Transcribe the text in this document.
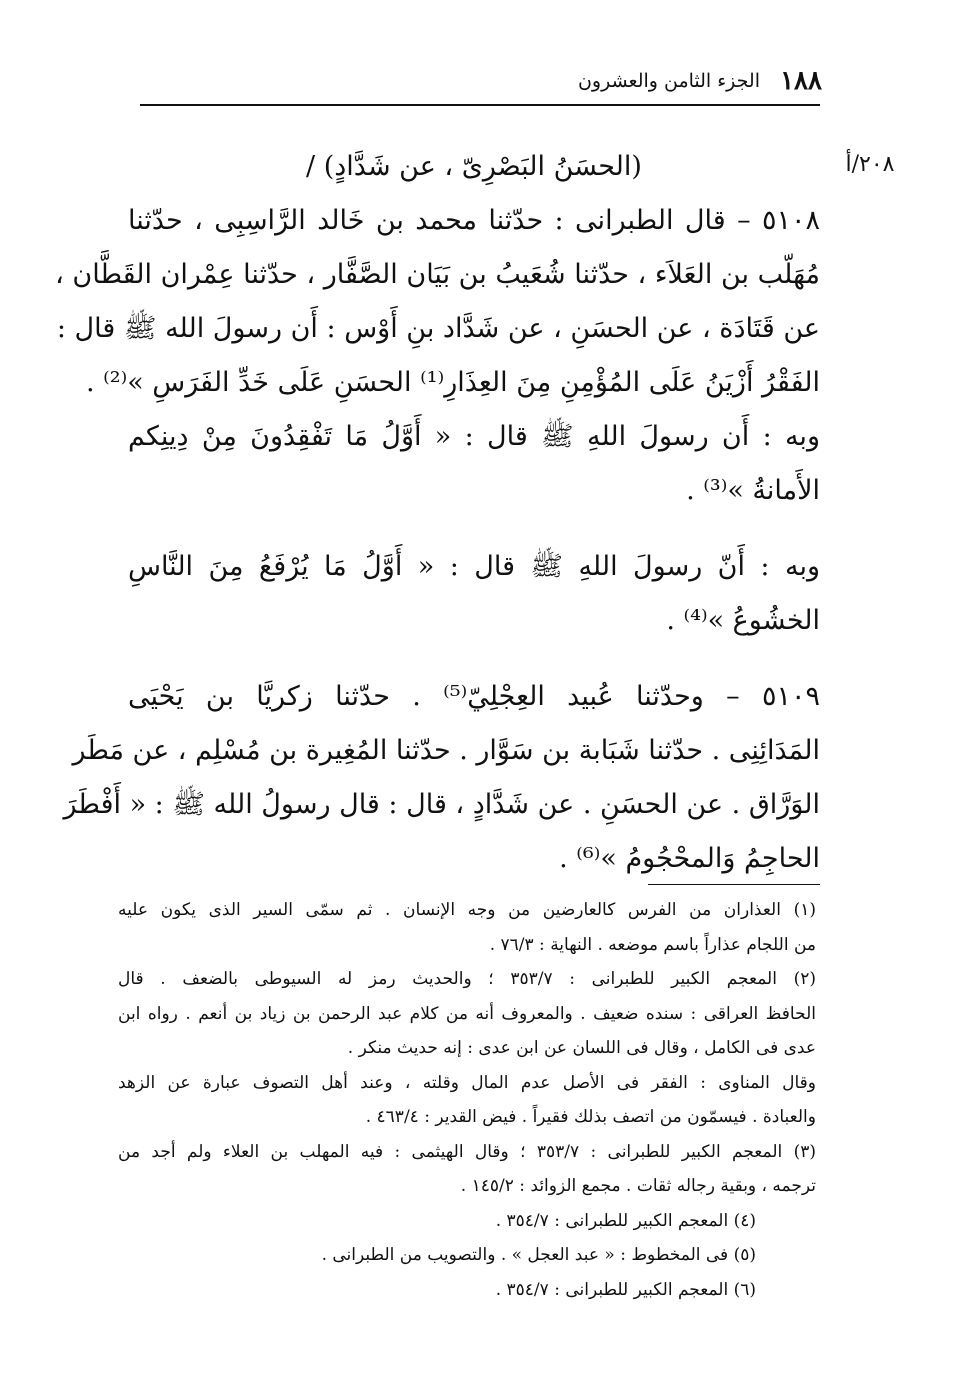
١٨٨
الجزء الثامن والعشرون
٢٠٨/أ
(الحسَنُ البَصْرِىّ ، عن شَدَّادٍ) /
٥١٠٨ – قال الطبرانى : حدّثنا محمد بن خَالد الرَّاسِبِى ، حدّثنا
مُهَلّب بن العَلاَء ، حدّثنا شُعَيبُ بن بَيَان الصَّفَّار ، حدّثنا عِمْران القَطَّان ،
عن قَتَادَة ، عن الحسَنِ ، عن شَدَّاد بنِ أَوْس : أَن رسولَ الله ﷺ قال :
الفَقْرُ أَزْيَنُ عَلَى المُؤْمِنِ مِنَ العِذَارِ⁽¹⁾ الحسَنِ عَلَى خَدِّ الفَرَسِ »⁽²⁾ .
وبه : أَن رسولَ اللهِ ﷺ قال : « أَوَّلُ مَا تَفْقِدُونَ مِنْ دِينِكم
الأَمانةُ »⁽³⁾ .
وبه : أَنّ رسولَ اللهِ ﷺ قال : « أَوَّلُ مَا يُرْفَعُ مِنَ النَّاسِ
الخشُوعُ »⁽⁴⁾ .
٥١٠٩ – وحدّثنا عُبيد العِجْلِيّ⁽⁵⁾ . حدّثنا زكريَّا بن يَحْيَى
المَدَائِنِى . حدّثنا شَبَابة بن سَوَّار . حدّثنا المُغِيرة بن مُسْلِم ، عن مَطَر
الوَرَّاق . عن الحسَنِ . عن شَدَّادٍ ، قال : قال رسولُ الله ﷺ : « أَفْطَرَ
الحاجِمُ وَالمحْجُومُ »⁽⁶⁾ .
(١) العذاران من الفرس كالعارضين من وجه الإنسان . ثم سمّى السير الذى يكون عليه
من اللجام عذاراً باسم موضعه . النهاية : ٧٦/٣ .
(٢) المعجم الكبير للطبرانى : ٣٥٣/٧ ؛ والحديث رمز له السيوطى بالضعف . قال
الحافظ العراقى : سنده ضعيف . والمعروف أنه من كلام عبد الرحمن بن زياد بن أنعم . رواه ابن
عدى فى الكامل ، وقال فى اللسان عن ابن عدى : إنه حديث منكر .
وقال المناوى : الفقر فى الأصل عدم المال وقلته ، وعند أهل التصوف عبارة عن الزهد
والعبادة . فيسمّون من اتصف بذلك فقيراً . فيض القدير : ٤٦٣/٤ .
(٣) المعجم الكبير للطبرانى : ٣٥٣/٧ ؛ وقال الهيثمى : فيه المهلب بن العلاء ولم أجد من
ترجمه ، وبقية رجاله ثقات . مجمع الزوائد : ١٤٥/٢ .
(٤) المعجم الكبير للطبرانى : ٣٥٤/٧ .
(٥) فى المخطوط : « عبد العجل » . والتصويب من الطبرانى .
(٦) المعجم الكبير للطبرانى : ٣٥٤/٧ .
